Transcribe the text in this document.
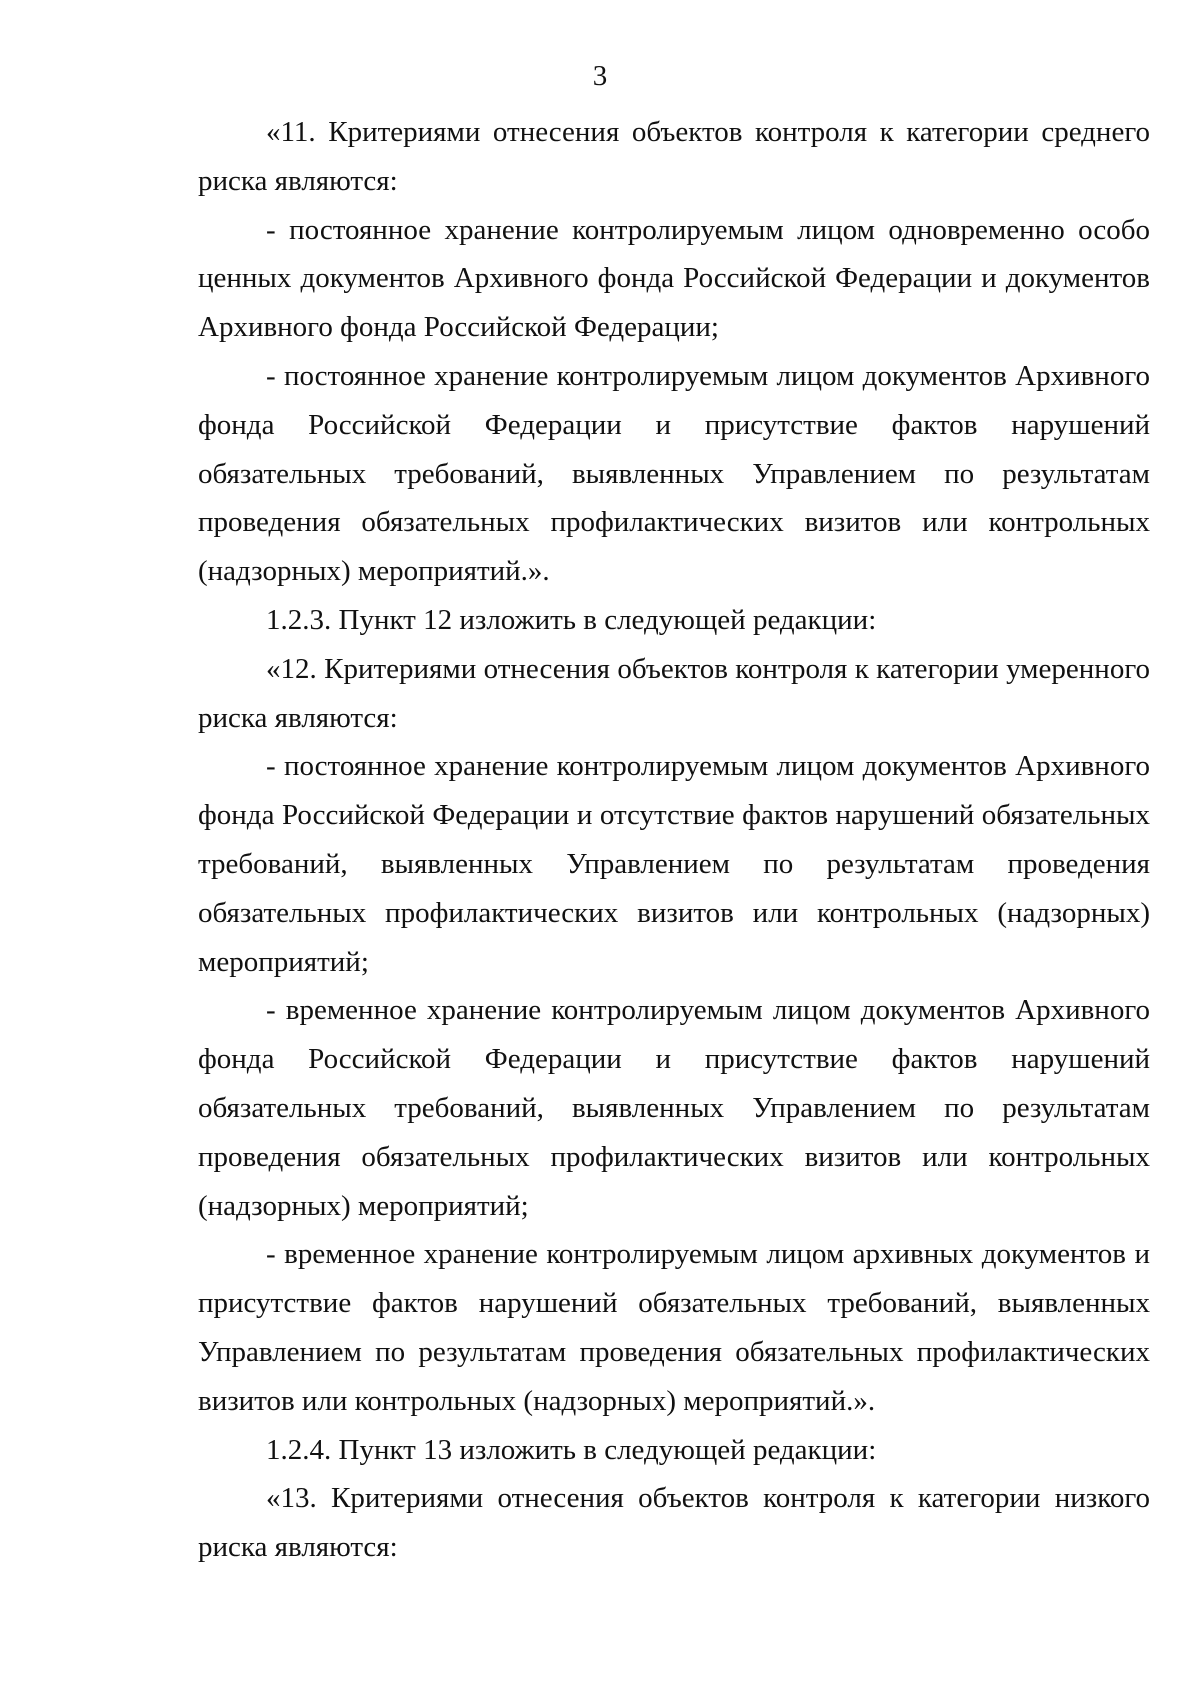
3

«11. Критериями отнесения объектов контроля к категории среднего риска являются:

- постоянное хранение контролируемым лицом одновременно особо ценных документов Архивного фонда Российской Федерации и документов Архивного фонда Российской Федерации;

- постоянное хранение контролируемым лицом документов Архивного фонда Российской Федерации и присутствие фактов нарушений обязательных требований, выявленных Управлением по результатам проведения обязательных профилактических визитов или контрольных (надзорных) мероприятий.».

1.2.3. Пункт 12 изложить в следующей редакции:

«12. Критериями отнесения объектов контроля к категории умеренного риска являются:

- постоянное хранение контролируемым лицом документов Архивного фонда Российской Федерации и отсутствие фактов нарушений обязательных требований, выявленных Управлением по результатам проведения обязательных профилактических визитов или контрольных (надзорных) мероприятий;

- временное хранение контролируемым лицом документов Архивного фонда Российской Федерации и присутствие фактов нарушений обязательных требований, выявленных Управлением по результатам проведения обязательных профилактических визитов или контрольных (надзорных) мероприятий;

- временное хранение контролируемым лицом архивных документов и присутствие фактов нарушений обязательных требований, выявленных Управлением по результатам проведения обязательных профилактических визитов или контрольных (надзорных) мероприятий.».

1.2.4. Пункт 13 изложить в следующей редакции:

«13. Критериями отнесения объектов контроля к категории низкого риска являются:
